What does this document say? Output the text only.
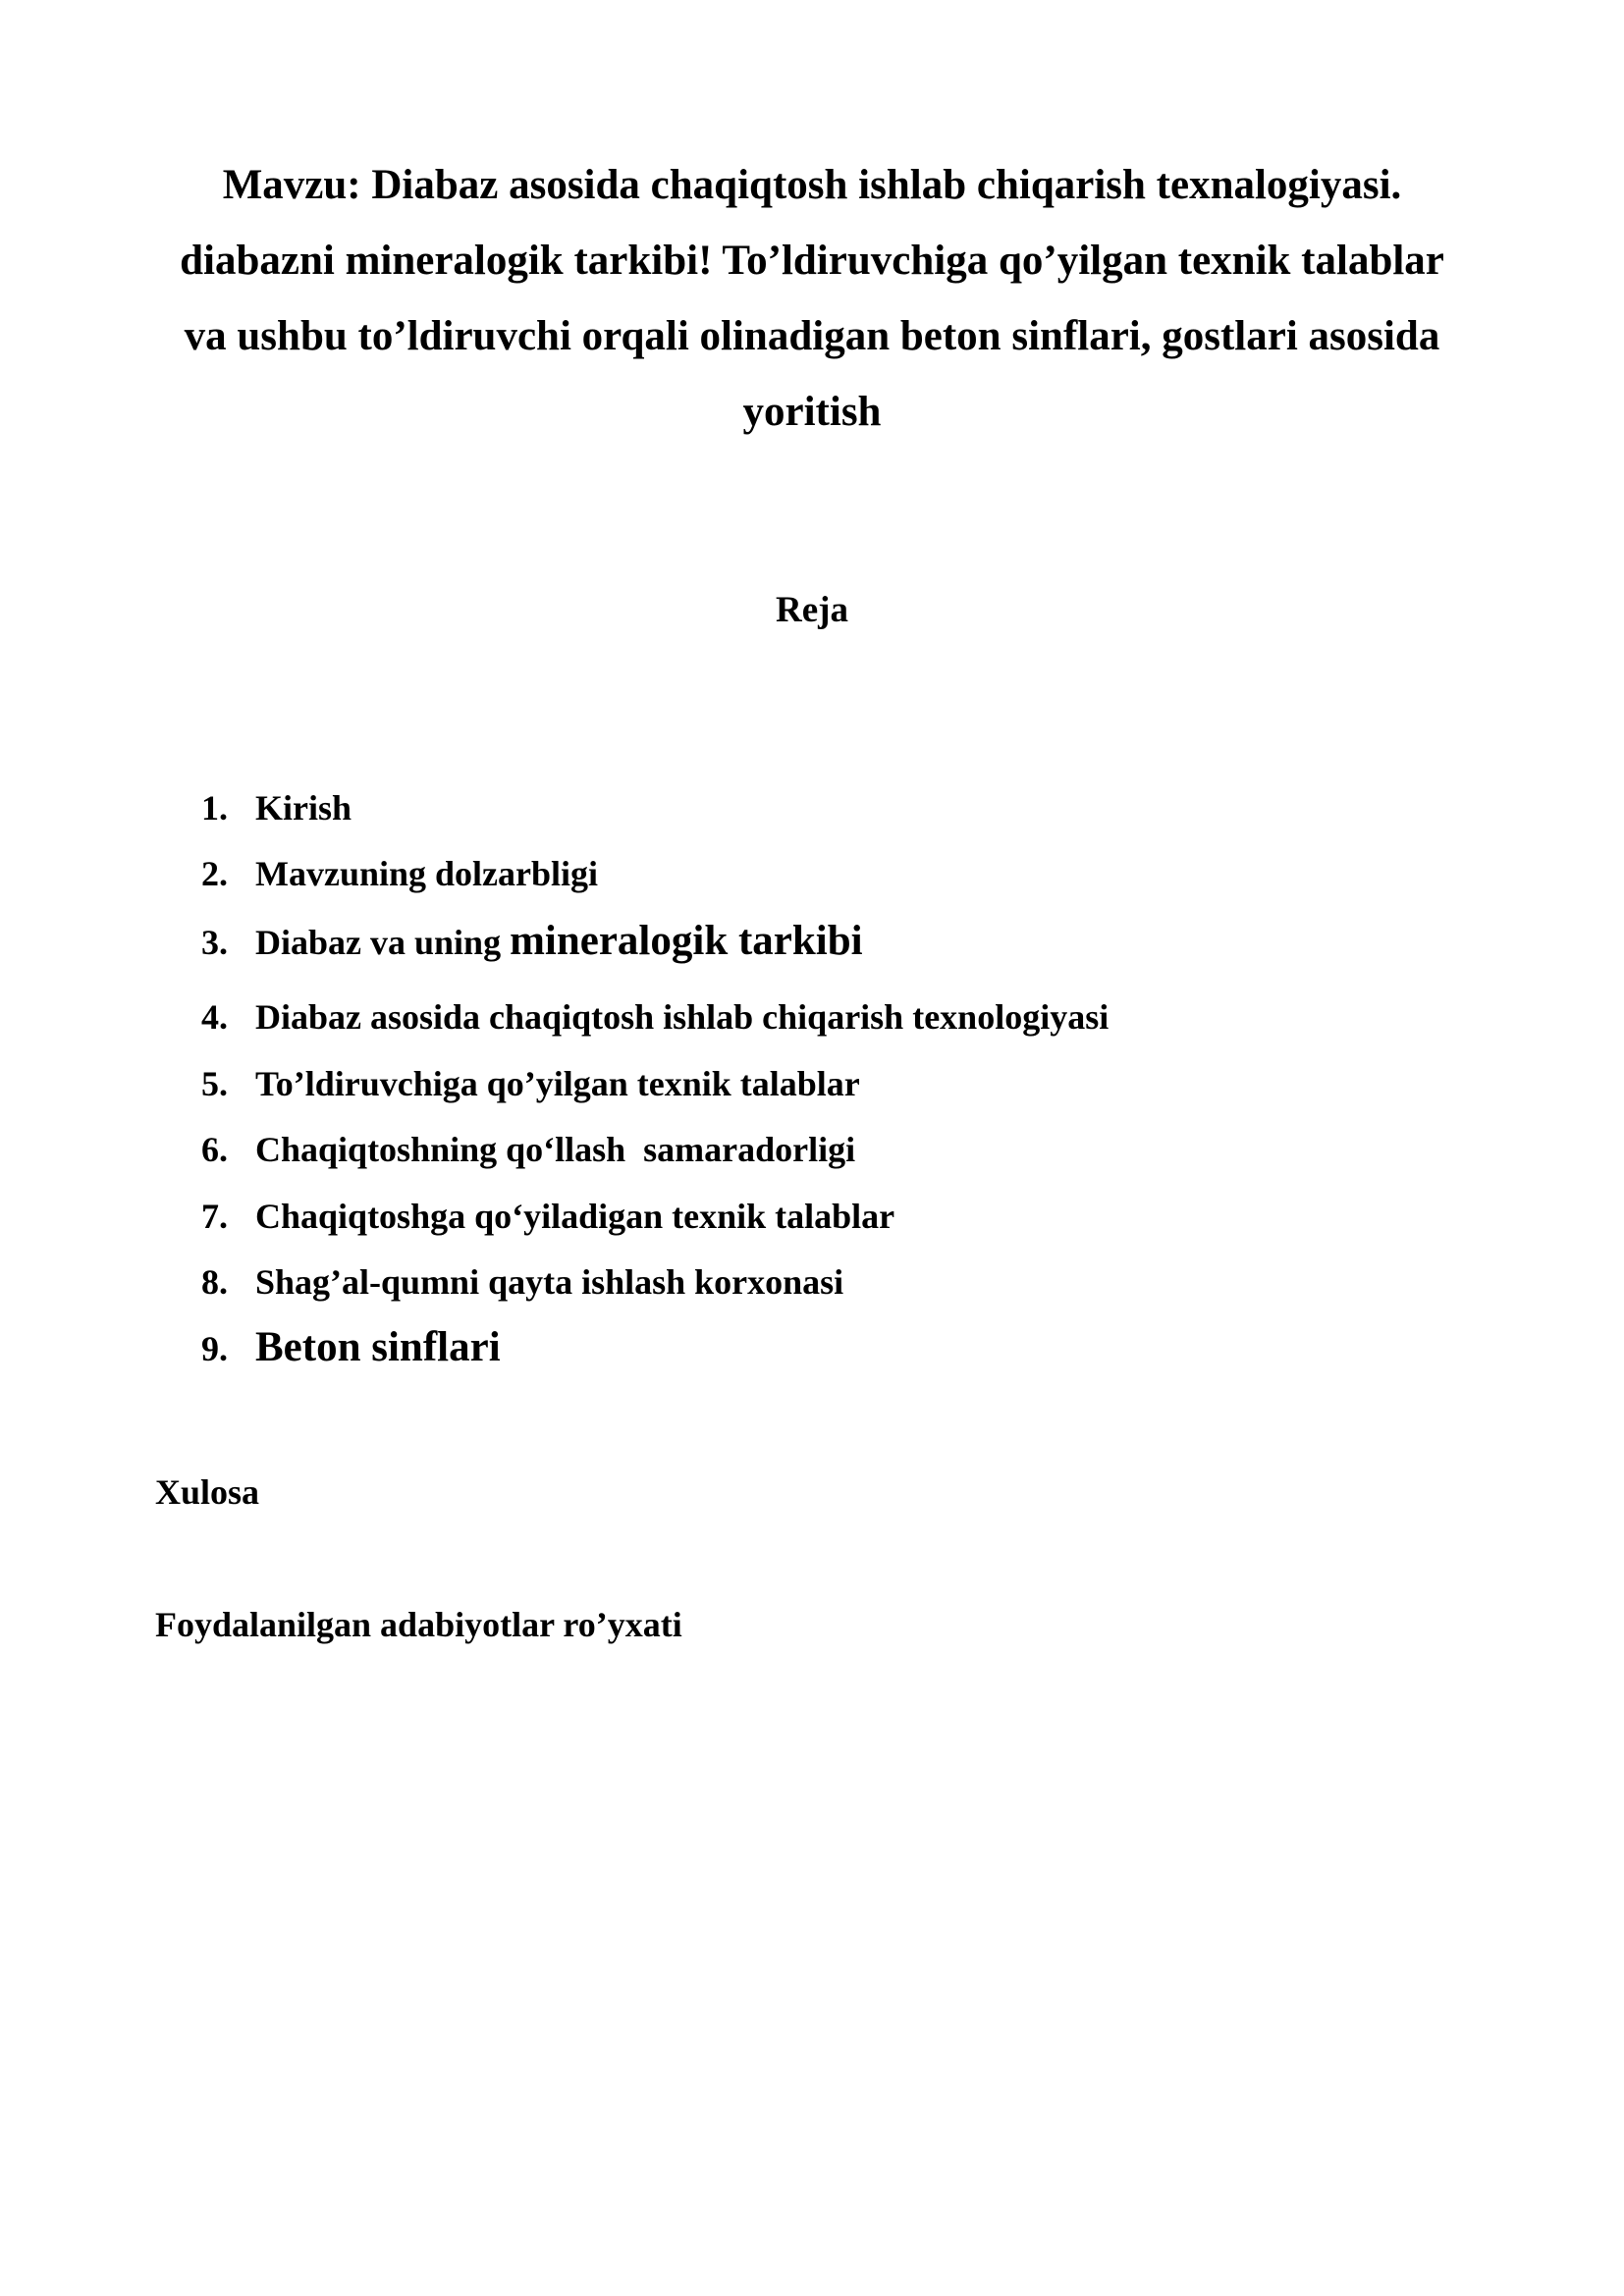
Mavzu: Diabaz asosida chaqiqtosh ishlab chiqarish texnalogiyasi.
diabazni mineralogik tarkibi! To’ldiruvchiga qo’yilgan texnik talablar
va ushbu to’ldiruvchi orqali olinadigan beton sinflari, gostlari asosida
yoritish
Reja
1. Kirish
2. Mavzuning dolzarbligi
3. Diabaz va uning mineralogik tarkibi
4. Diabaz asosida chaqiqtosh ishlab chiqarish texnologiyasi
5. To’ldiruvchiga qo’yilgan texnik talablar
6. Chaqiqtoshning qo‘llash  samaradorligi
7. Chaqiqtoshga qo‘yiladigan texnik talablar
8. Shag’al-qumni qayta ishlash korxonasi
9. Beton sinflari
Xulosa
Foydalanilgan adabiyotlar ro’yxati
